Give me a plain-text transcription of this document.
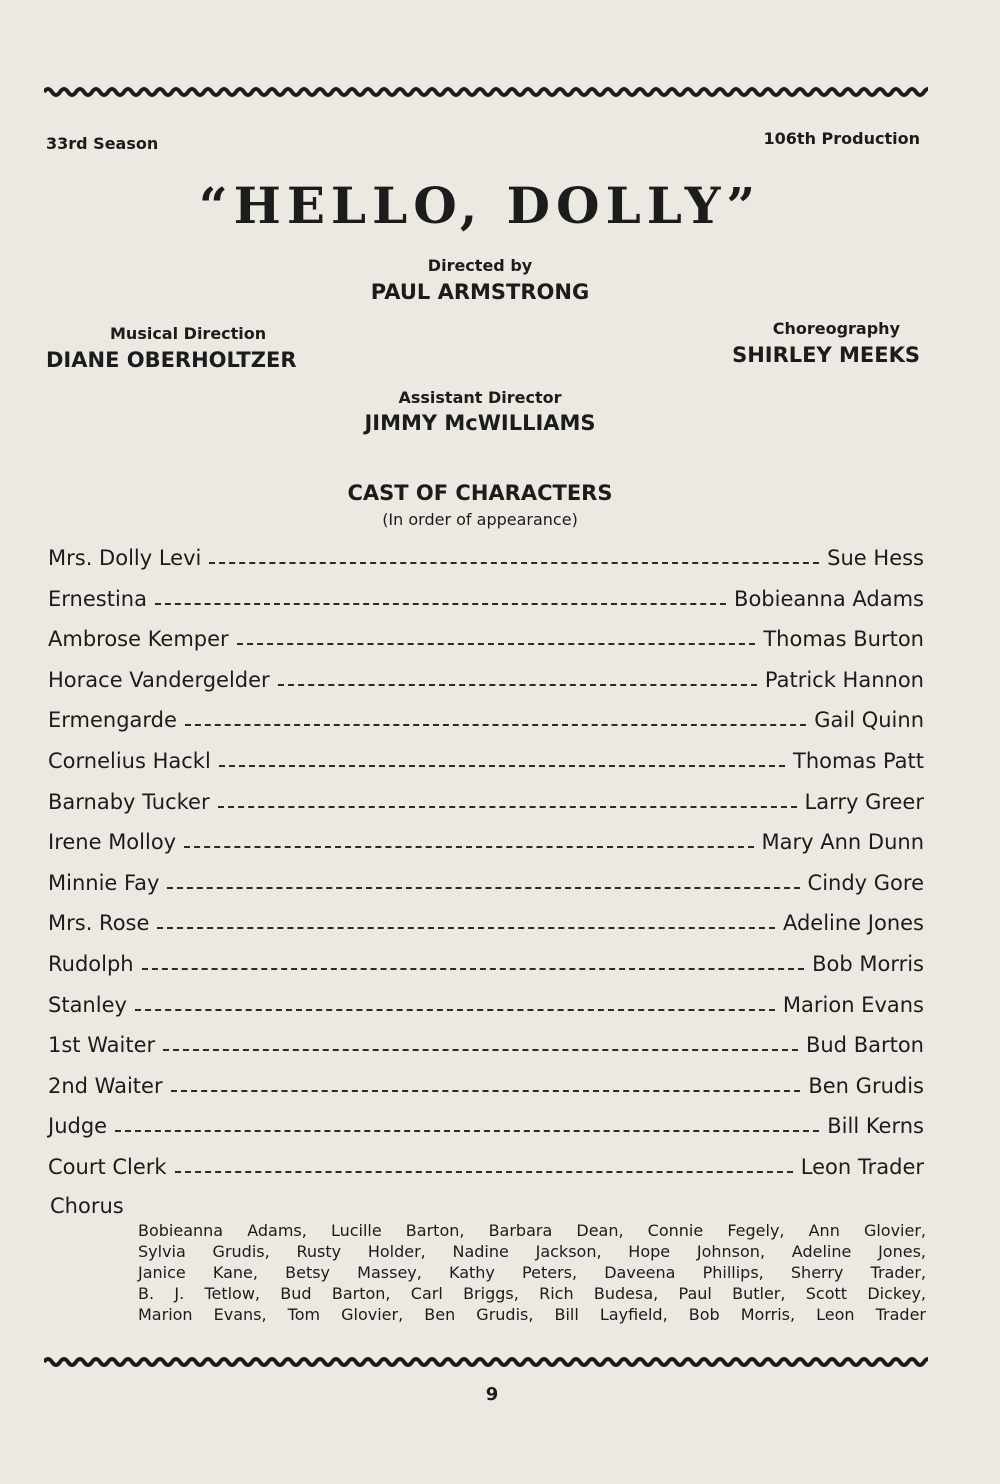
33rd Season	106th Production
“HELLO, DOLLY”
Directed by
PAUL ARMSTRONG
Musical Direction
DIANE OBERHOLTZER
Choreography
SHIRLEY MEEKS
Assistant Director
JIMMY McWILLIAMS
CAST OF CHARACTERS
(In order of appearance)
Mrs. Dolly Levi	Sue Hess
Ernestina	Bobieanna Adams
Ambrose Kemper	Thomas Burton
Horace Vandergelder	Patrick Hannon
Ermengarde	Gail Quinn
Cornelius Hackl	Thomas Patt
Barnaby Tucker	Larry Greer
Irene Molloy	Mary Ann Dunn
Minnie Fay	Cindy Gore
Mrs. Rose	Adeline Jones
Rudolph	Bob Morris
Stanley	Marion Evans
1st Waiter	Bud Barton
2nd Waiter	Ben Grudis
Judge	Bill Kerns
Court Clerk	Leon Trader
Chorus
Bobieanna Adams, Lucille Barton, Barbara Dean, Connie Fegely, Ann Glovier,
Sylvia Grudis, Rusty Holder, Nadine Jackson, Hope Johnson, Adeline Jones,
Janice Kane, Betsy Massey, Kathy Peters, Daveena Phillips, Sherry Trader,
B. J. Tetlow, Bud Barton, Carl Briggs, Rich Budesa, Paul Butler, Scott Dickey,
Marion Evans, Tom Glovier, Ben Grudis, Bill Layfield, Bob Morris, Leon Trader
9
